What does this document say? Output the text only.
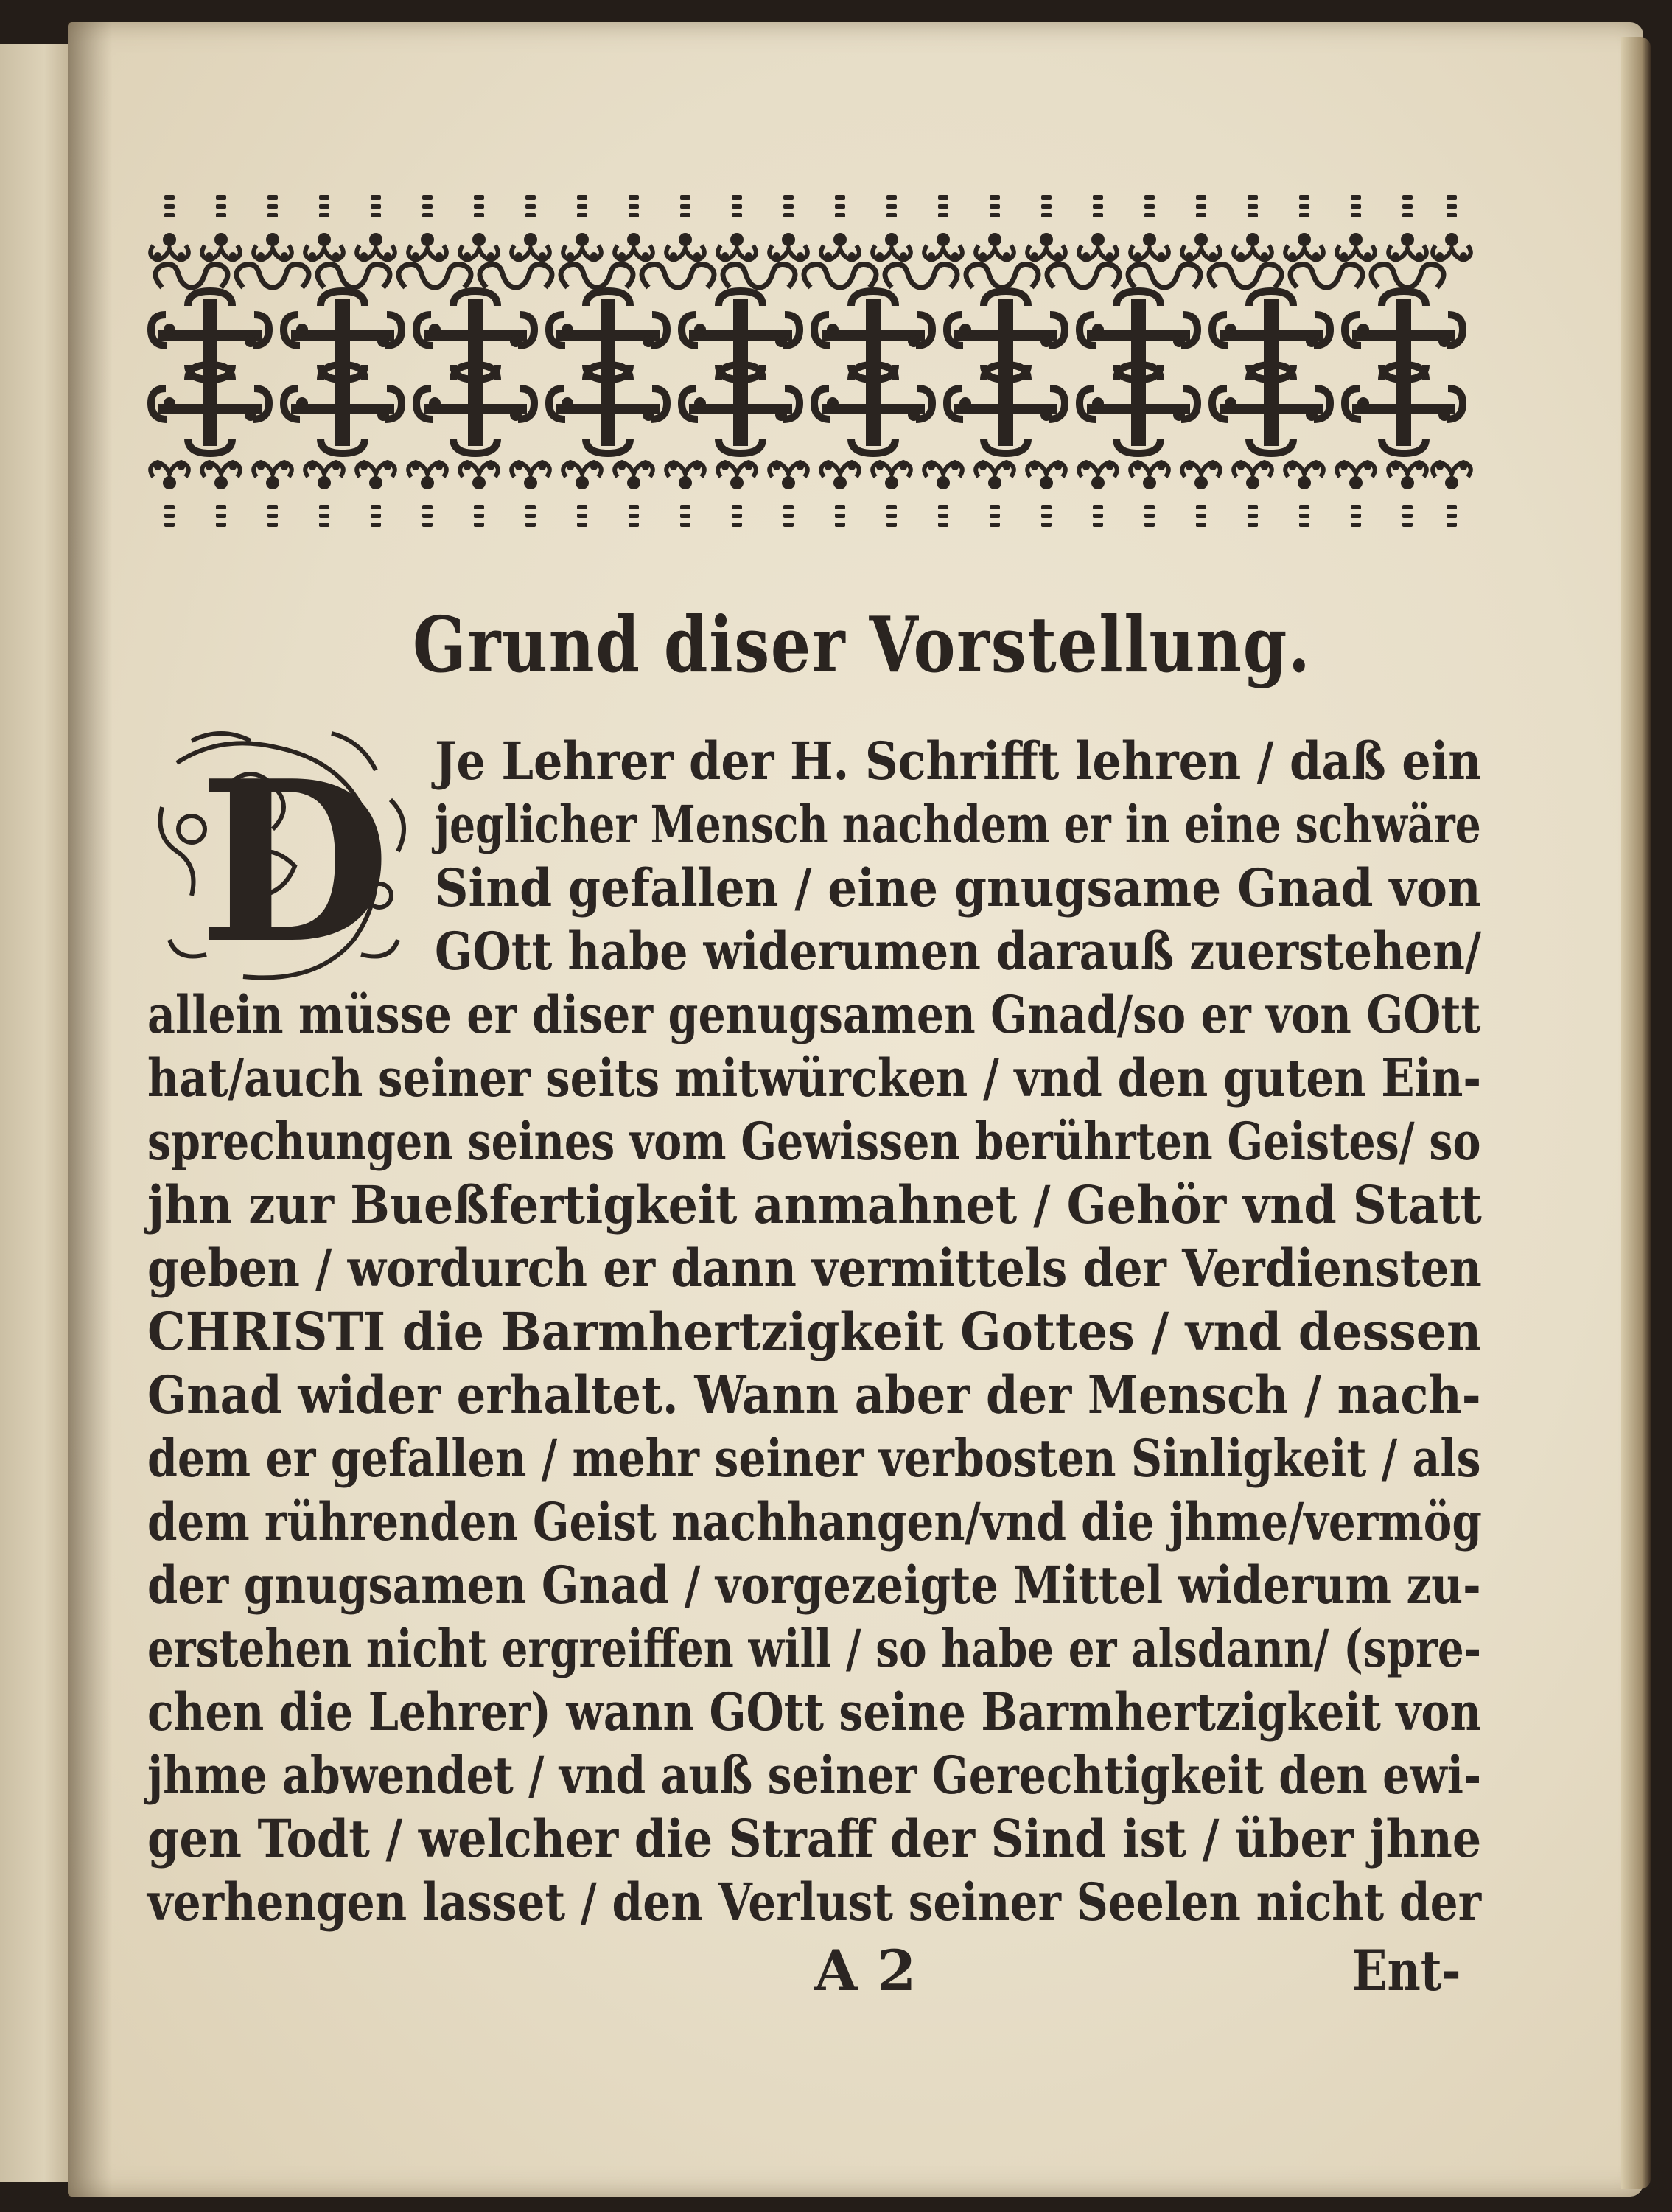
Grund diser Vorstellung.
D Je Lehrer der H. Schrifft lehren / daß ein
jeglicher Mensch nachdem er in eine schwäre
Sind gefallen / eine gnugsame Gnad von
GOtt habe widerumen darauß zuerstehen/
allein müsse er diser genugsamen Gnad/so er von GOtt
hat/auch seiner seits mitwürcken / vnd den guten Ein-
sprechungen seines vom Gewissen berührten Geistes/ so
jhn zur Bueßfertigkeit anmahnet / Gehör vnd Statt
geben / wordurch er dann vermittels der Verdiensten
CHRISTI die Barmhertzigkeit Gottes / vnd dessen
Gnad wider erhaltet. Wann aber der Mensch / nach-
dem er gefallen / mehr seiner verbosten Sinligkeit / als
dem rührenden Geist nachhangen/vnd die jhme/vermög
der gnugsamen Gnad / vorgezeigte Mittel widerum zu-
erstehen nicht ergreiffen will / so habe er alsdann/ (spre-
chen die Lehrer) wann GOtt seine Barmhertzigkeit von
jhme abwendet / vnd auß seiner Gerechtigkeit den ewi-
gen Todt / welcher die Straff der Sind ist / über jhne
verhengen lasset / den Verlust seiner Seelen nicht der
A 2	Ent-
